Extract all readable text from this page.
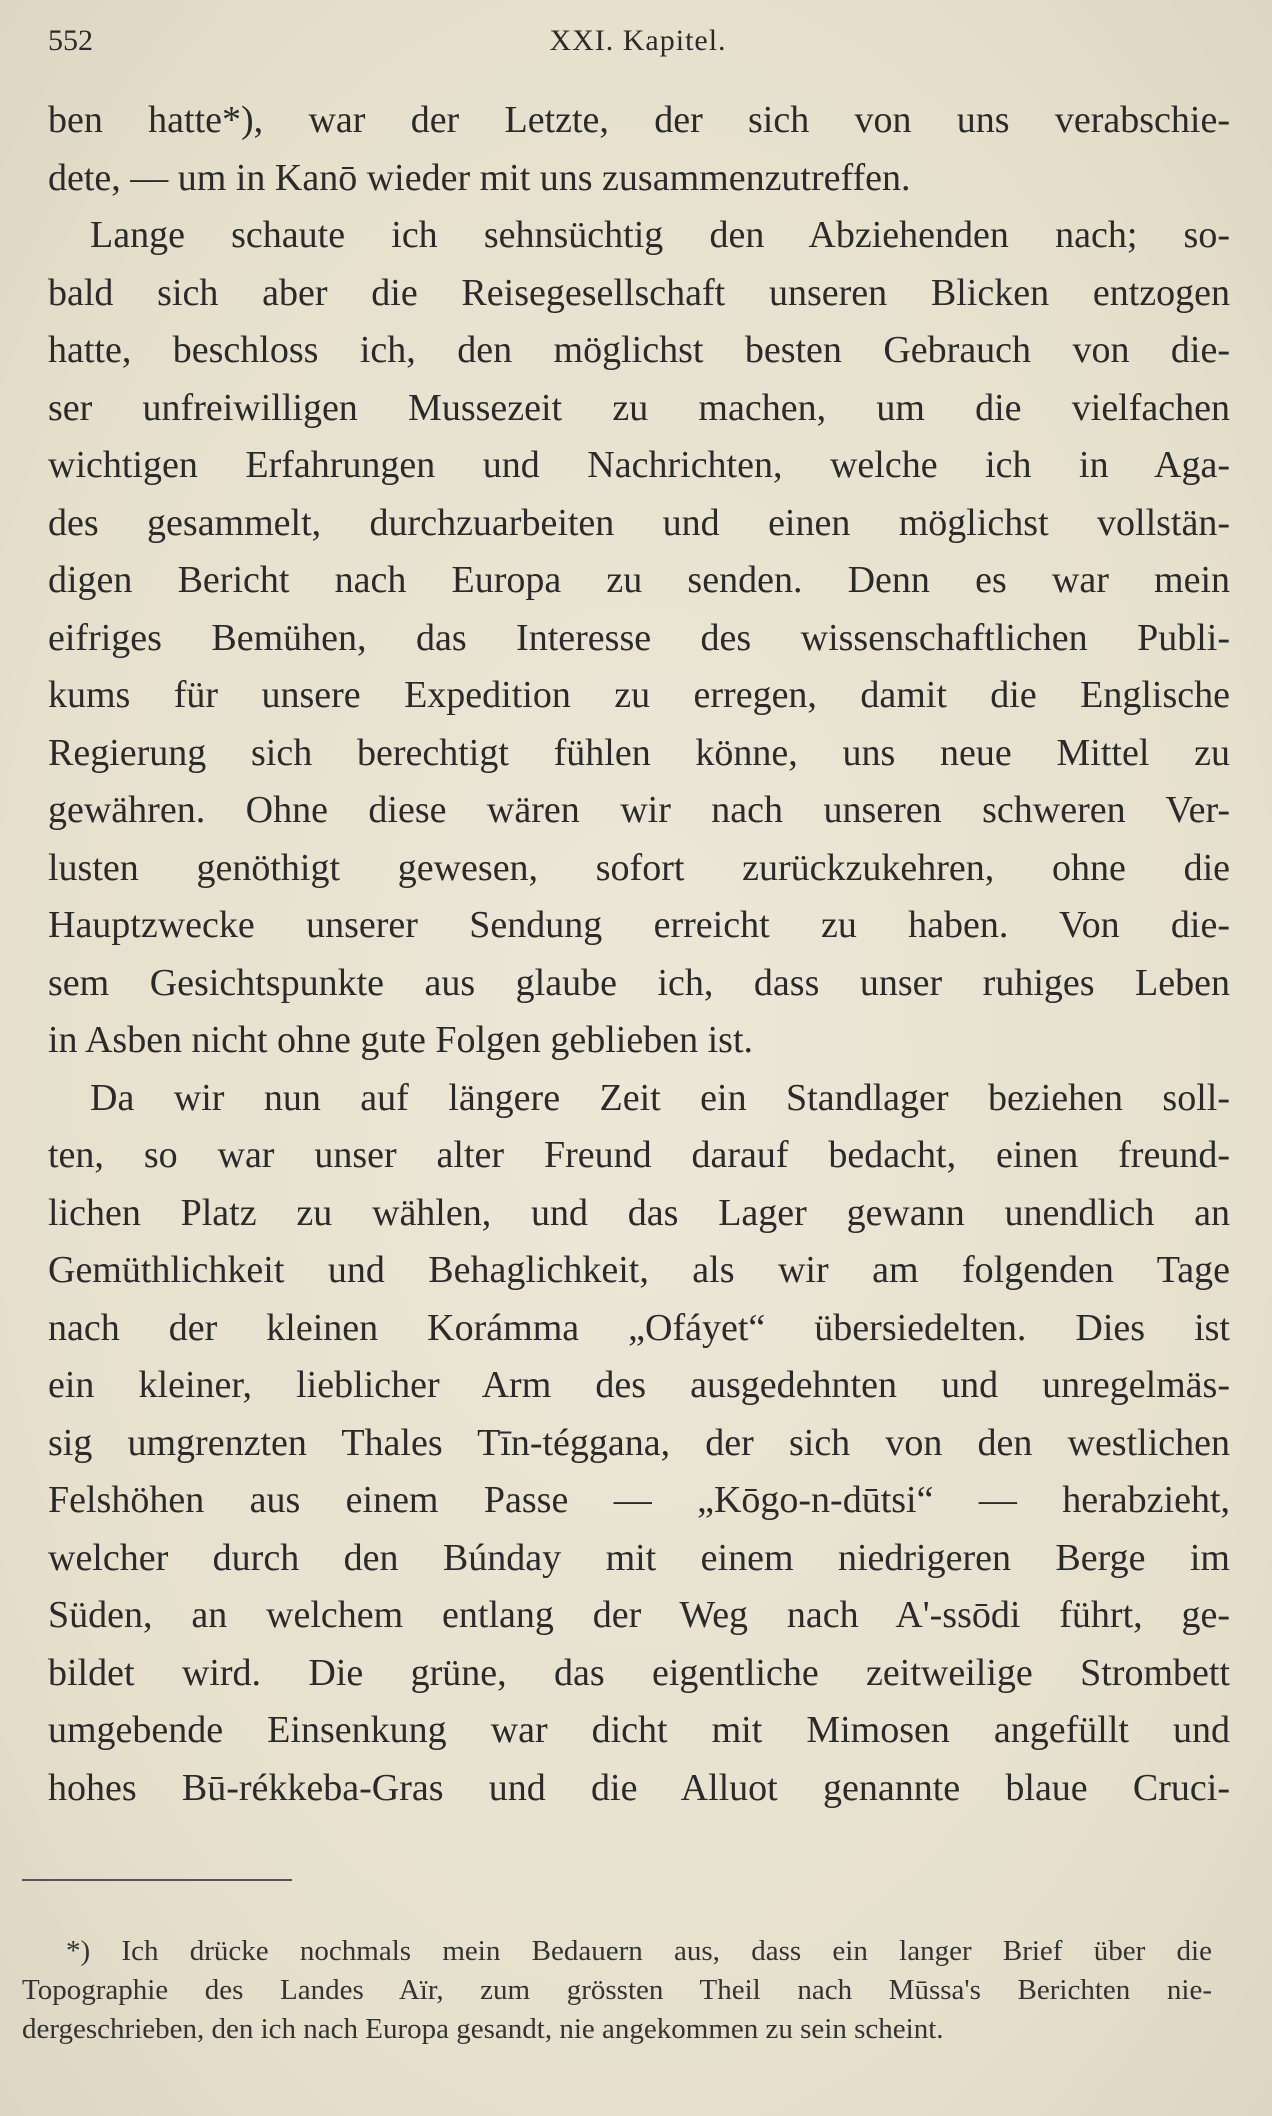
552	XXI. Kapitel.

ben hatte*), war der Letzte, der sich von uns verabschie-
dete, — um in Kanō wieder mit uns zusammenzutreffen.

Lange schaute ich sehnsüchtig den Abziehenden nach; so-
bald sich aber die Reisegesellschaft unseren Blicken entzogen
hatte, beschloss ich, den möglichst besten Gebrauch von die-
ser unfreiwilligen Mussezeit zu machen, um die vielfachen
wichtigen Erfahrungen und Nachrichten, welche ich in Aga-
des gesammelt, durchzuarbeiten und einen möglichst vollstän-
digen Bericht nach Europa zu senden. Denn es war mein
eifriges Bemühen, das Interesse des wissenschaftlichen Publi-
kums für unsere Expedition zu erregen, damit die Englische
Regierung sich berechtigt fühlen könne, uns neue Mittel zu
gewähren. Ohne diese wären wir nach unseren schweren Ver-
lusten genöthigt gewesen, sofort zurückzukehren, ohne die
Hauptzwecke unserer Sendung erreicht zu haben. Von die-
sem Gesichtspunkte aus glaube ich, dass unser ruhiges Leben
in Asben nicht ohne gute Folgen geblieben ist.

Da wir nun auf längere Zeit ein Standlager beziehen soll-
ten, so war unser alter Freund darauf bedacht, einen freund-
lichen Platz zu wählen, und das Lager gewann unendlich an
Gemüthlichkeit und Behaglichkeit, als wir am folgenden Tage
nach der kleinen Korámma „Ofáyet“ übersiedelten. Dies ist
ein kleiner, lieblicher Arm des ausgedehnten und unregelmäs-
sig umgrenzten Thales Tīn-téggana, der sich von den westlichen
Felshöhen aus einem Passe — „Kōgo-n-dūtsi“ — herabzieht,
welcher durch den Búnday mit einem niedrigeren Berge im
Süden, an welchem entlang der Weg nach A'-ssōdi führt, ge-
bildet wird. Die grüne, das eigentliche zeitweilige Strombett
umgebende Einsenkung war dicht mit Mimosen angefüllt und
hohes Bū-rékkeba-Gras und die Alluot genannte blaue Cruci-

*) Ich drücke nochmals mein Bedauern aus, dass ein langer Brief über die
Topographie des Landes Aïr, zum grössten Theil nach Mūssa's Berichten nie-
dergeschrieben, den ich nach Europa gesandt, nie angekommen zu sein scheint.
